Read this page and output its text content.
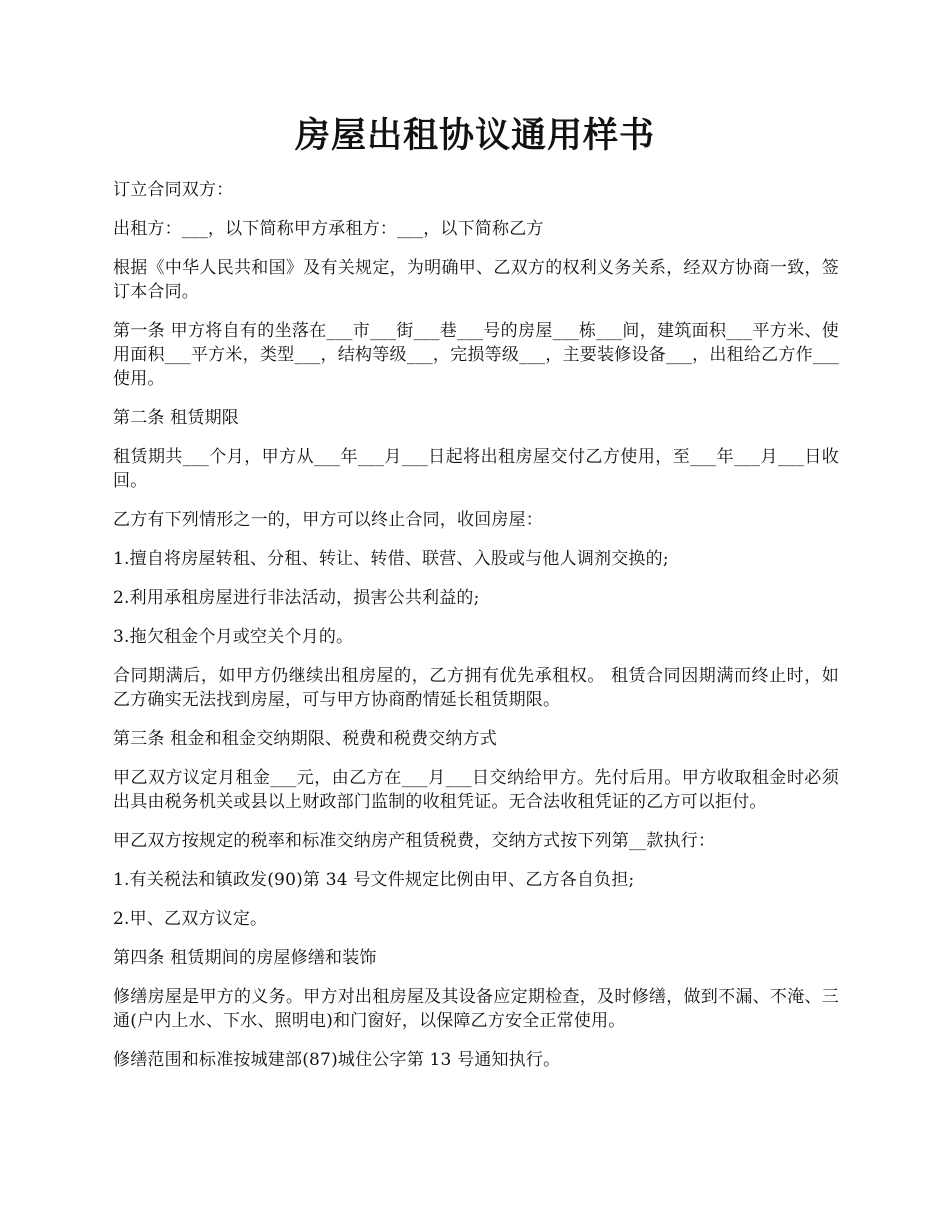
房屋出租协议通用样书

订立合同双方：

出租方：___，以下简称甲方承租方：___，以下简称乙方

根据《中华人民共和国》及有关规定，为明确甲、乙双方的权利义务关系，经双方协商一致，签订本合同。

第一条 甲方将自有的坐落在___市___街___巷___号的房屋___栋___间，建筑面积___平方米、使用面积___平方米，类型___，结构等级___，完损等级___，主要装修设备___，出租给乙方作___使用。

第二条 租赁期限

租赁期共___个月，甲方从___年___月___日起将出租房屋交付乙方使用，至___年___月___日收回。

乙方有下列情形之一的，甲方可以终止合同，收回房屋：

1.擅自将房屋转租、分租、转让、转借、联营、入股或与他人调剂交换的;

2.利用承租房屋进行非法活动，损害公共利益的;

3.拖欠租金个月或空关个月的。

合同期满后，如甲方仍继续出租房屋的，乙方拥有优先承租权。 租赁合同因期满而终止时，如乙方确实无法找到房屋，可与甲方协商酌情延长租赁期限。

第三条 租金和租金交纳期限、税费和税费交纳方式

甲乙双方议定月租金___元，由乙方在___月___日交纳给甲方。先付后用。甲方收取租金时必须出具由税务机关或县以上财政部门监制的收租凭证。无合法收租凭证的乙方可以拒付。

甲乙双方按规定的税率和标准交纳房产租赁税费，交纳方式按下列第__款执行：

1.有关税法和镇政发(90)第 34 号文件规定比例由甲、乙方各自负担;

2.甲、乙双方议定。

第四条 租赁期间的房屋修缮和装饰

修缮房屋是甲方的义务。甲方对出租房屋及其设备应定期检查，及时修缮，做到不漏、不淹、三通(户内上水、下水、照明电)和门窗好，以保障乙方安全正常使用。

修缮范围和标准按城建部(87)城住公字第 13 号通知执行。
